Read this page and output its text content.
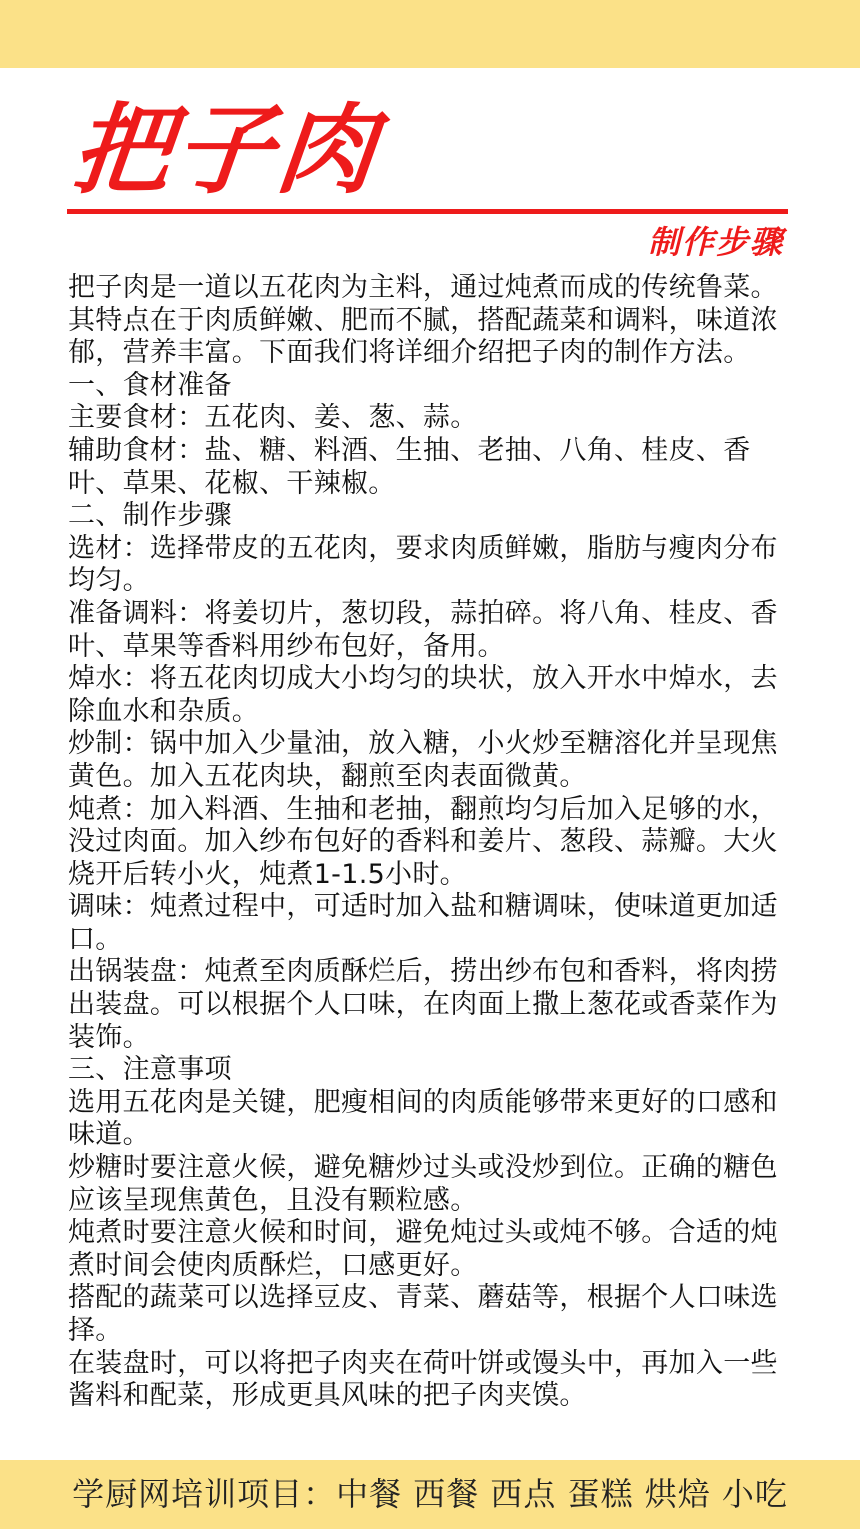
把子肉
制作步骤

把子肉是一道以五花肉为主料，通过炖煮而成的传统鲁菜。其特点在于肉质鲜嫩、肥而不腻，搭配蔬菜和调料，味道浓郁，营养丰富。下面我们将详细介绍把子肉的制作方法。

一、食材准备

主要食材：五花肉、姜、葱、蒜。

辅助食材：盐、糖、料酒、生抽、老抽、八角、桂皮、香叶、草果、花椒、干辣椒。

二、制作步骤

选材：选择带皮的五花肉，要求肉质鲜嫩，脂肪与瘦肉分布均匀。

准备调料：将姜切片，葱切段，蒜拍碎。将八角、桂皮、香叶、草果等香料用纱布包好，备用。

焯水：将五花肉切成大小均匀的块状，放入开水中焯水，去除血水和杂质。

炒制：锅中加入少量油，放入糖，小火炒至糖溶化并呈现焦黄色。加入五花肉块，翻煎至肉表面微黄。

炖煮：加入料酒、生抽和老抽，翻煎均匀后加入足够的水，没过肉面。加入纱布包好的香料和姜片、葱段、蒜瓣。大火烧开后转小火，炖煮1-1.5小时。

调味：炖煮过程中，可适时加入盐和糖调味，使味道更加适口。

出锅装盘：炖煮至肉质酥烂后，捞出纱布包和香料，将肉捞出装盘。可以根据个人口味，在肉面上撒上葱花或香菜作为装饰。

三、注意事项

选用五花肉是关键，肥瘦相间的肉质能够带来更好的口感和味道。

炒糖时要注意火候，避免糖炒过头或没炒到位。正确的糖色应该呈现焦黄色，且没有颗粒感。

炖煮时要注意火候和时间，避免炖过头或炖不够。合适的炖煮时间会使肉质酥烂，口感更好。

搭配的蔬菜可以选择豆皮、青菜、蘑菇等，根据个人口味选择。

在装盘时，可以将把子肉夹在荷叶饼或馒头中，再加入一些酱料和配菜，形成更具风味的把子肉夹馍。

学厨网培训项目：中餐 西餐 西点 蛋糕 烘焙 小吃
